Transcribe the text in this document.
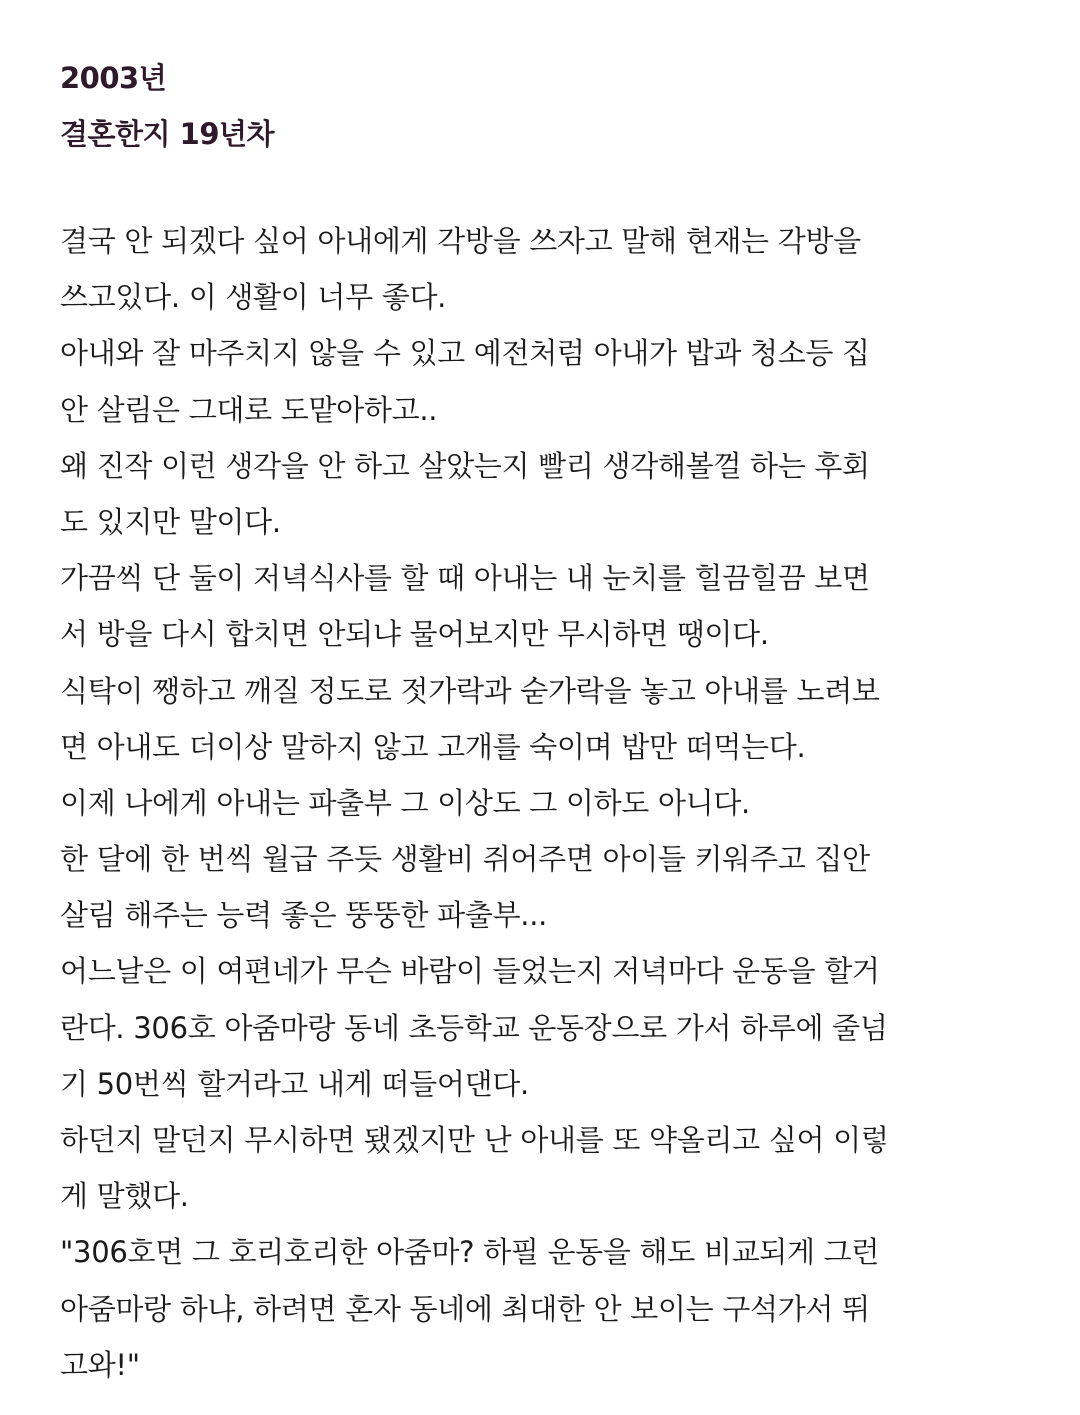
2003년
결혼한지 19년차
결국 안 되겠다 싶어 아내에게 각방을 쓰자고 말해 현재는 각방을
쓰고있다. 이 생활이 너무 좋다.
아내와 잘 마주치지 않을 수 있고 예전처럼 아내가 밥과 청소등 집
안 살림은 그대로 도맡아하고..
왜 진작 이런 생각을 안 하고 살았는지 빨리 생각해볼껄 하는 후회
도 있지만 말이다.
가끔씩 단 둘이 저녁식사를 할 때 아내는 내 눈치를 힐끔힐끔 보면
서 방을 다시 합치면 안되냐 물어보지만 무시하면 땡이다.
식탁이 쨍하고 깨질 정도로 젓가락과 숟가락을 놓고 아내를 노려보
면 아내도 더이상 말하지 않고 고개를 숙이며 밥만 떠먹는다.
이제 나에게 아내는 파출부 그 이상도 그 이하도 아니다.
한 달에 한 번씩 월급 주듯 생활비 쥐어주면 아이들 키워주고 집안
살림 해주는 능력 좋은 뚱뚱한 파출부...
어느날은 이 여편네가 무슨 바람이 들었는지 저녁마다 운동을 할거
란다. 306호 아줌마랑 동네 초등학교 운동장으로 가서 하루에 줄넘
기 50번씩 할거라고 내게 떠들어댄다.
하던지 말던지 무시하면 됐겠지만 난 아내를 또 약올리고 싶어 이렇
게 말했다.
"306호면 그 호리호리한 아줌마? 하필 운동을 해도 비교되게 그런
아줌마랑 하냐, 하려면 혼자 동네에 최대한 안 보이는 구석가서 뛰
고와!"
